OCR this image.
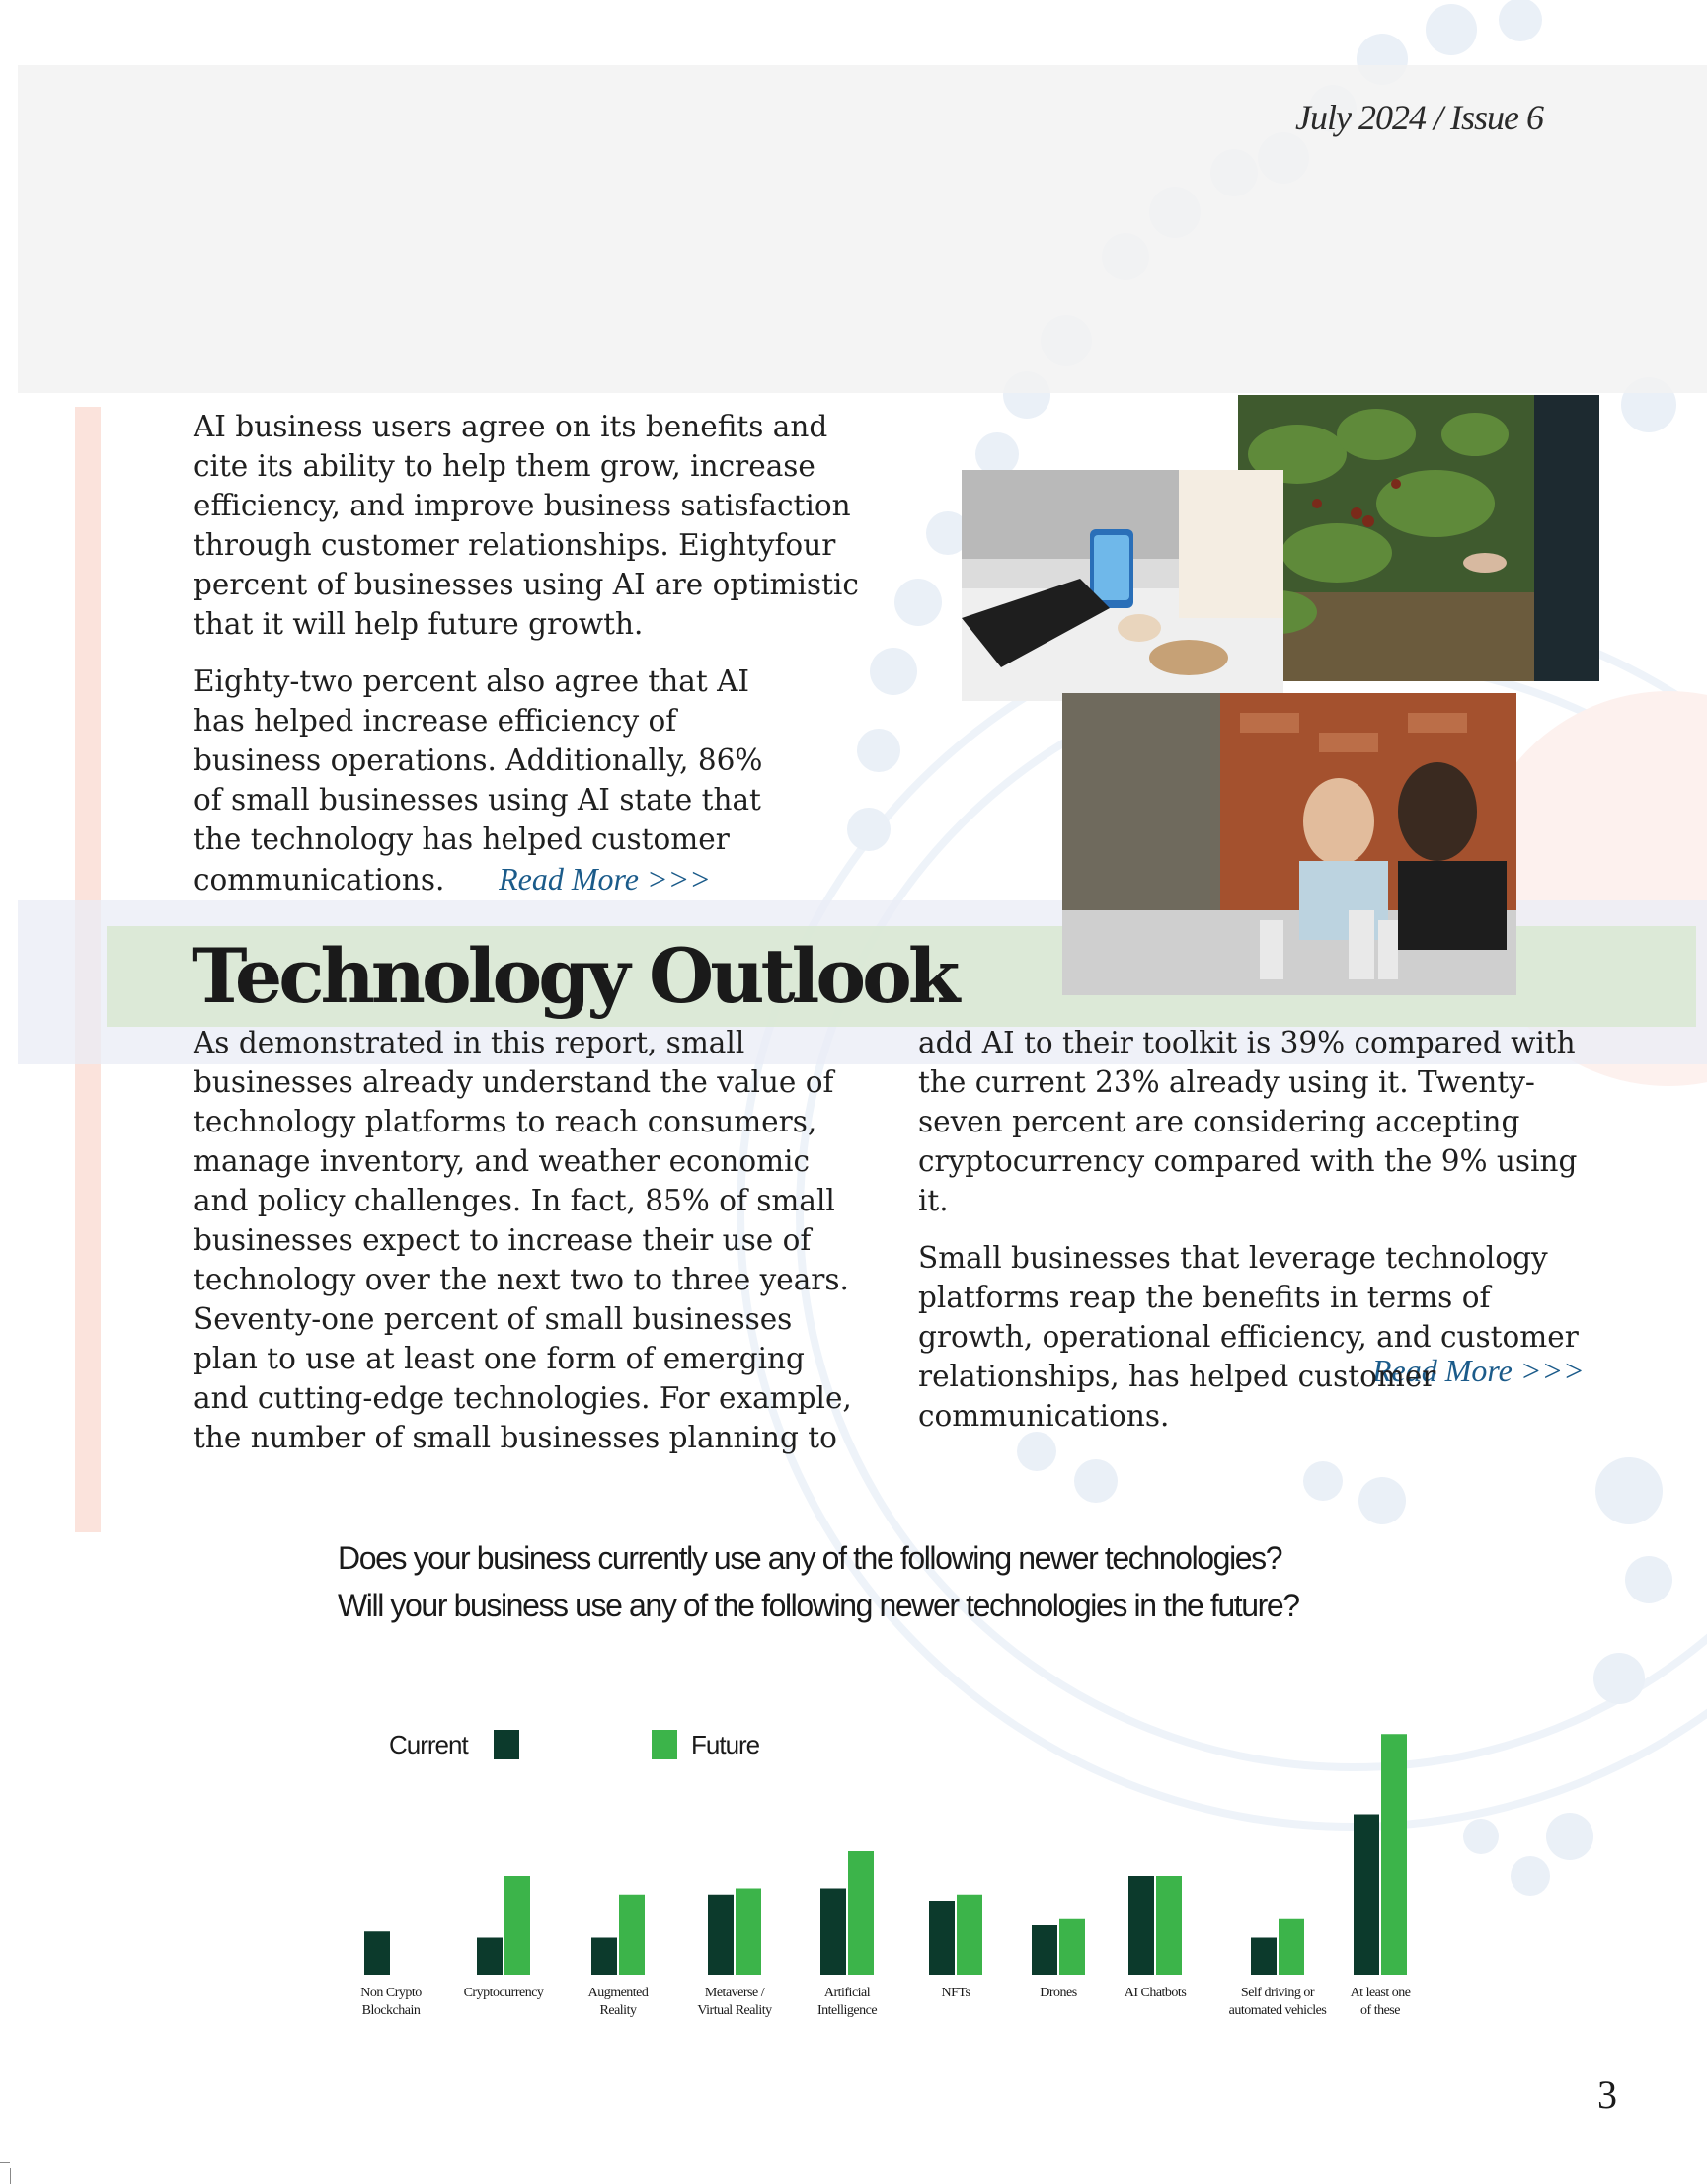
July 2024 / Issue 6

AI business users agree on its benefits and cite its ability to help them grow, increase efficiency, and improve business satisfaction through customer relationships. Eightyfour percent of businesses using AI are optimistic that it will help future growth.

Eighty-two percent also agree that AI has helped increase efficiency of business operations. Additionally, 86% of small businesses using AI state that the technology has helped customer communications. Read More >>>
Technology Outlook

As demonstrated in this report, small businesses already understand the value of technology platforms to reach consumers, manage inventory, and weather economic and policy challenges. In fact, 85% of small businesses expect to increase their use of technology over the next two to three years. Seventy-one percent of small businesses plan to use at least one form of emerging and cutting-edge technologies. For example, the number of small businesses planning to

add AI to their toolkit is 39% compared with the current 23% already using it. Twenty-seven percent are considering accepting cryptocurrency compared with the 9% using it.

Small businesses that leverage technology platforms reap the benefits in terms of growth, operational efficiency, and customer relationships, has helped customer communications.

Read More >>>
Does your business currently use any of the following newer technologies?
Will your business use any of the following newer technologies in the future?
Current	Future
Non Crypto
Blockchain
Cryptocurrency	Augmented
Reality
Metaverse /
Virtual Reality
Artificial
Intelligence
NFTs	Drones	AI Chatbots	Self driving or
automated vehicles
At least one
of these
3
